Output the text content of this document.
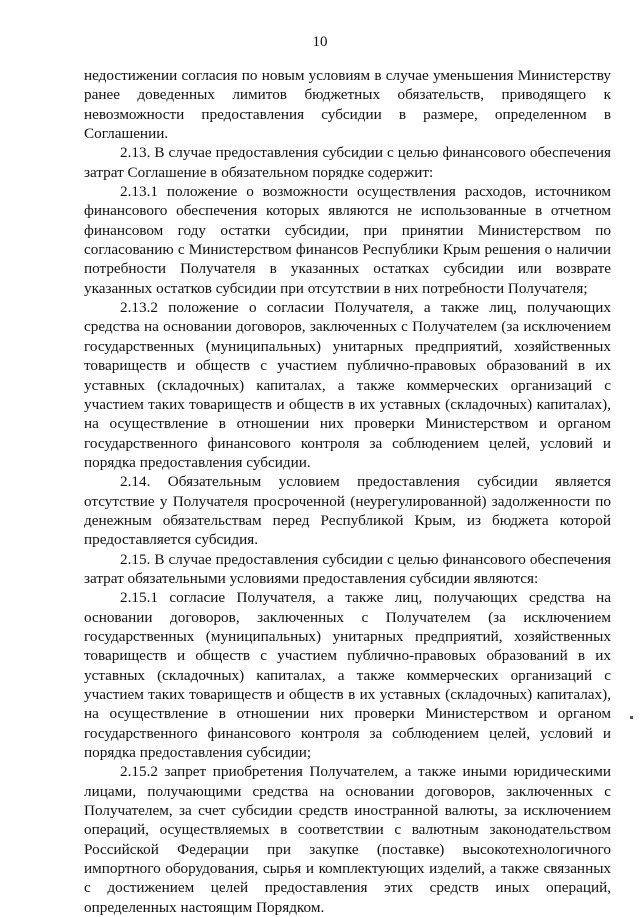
10

недостижении согласия по новым условиям в случае уменьшения Министерству ранее доведенных лимитов бюджетных обязательств, приводящего к невозможности предоставления субсидии в размере, определенном в Соглашении.

2.13. В случае предоставления субсидии с целью финансового обеспечения затрат Соглашение в обязательном порядке содержит:

2.13.1 положение о возможности осуществления расходов, источником финансового обеспечения которых являются не использованные в отчетном финансовом году остатки субсидии, при принятии Министерством по согласованию с Министерством финансов Республики Крым решения о наличии потребности Получателя в указанных остатках субсидии или возврате указанных остатков субсидии при отсутствии в них потребности Получателя;

2.13.2 положение о согласии Получателя, а также лиц, получающих средства на основании договоров, заключенных с Получателем (за исключением государственных (муниципальных) унитарных предприятий, хозяйственных товариществ и обществ с участием публично-правовых образований в их уставных (складочных) капиталах, а также коммерческих организаций с участием таких товариществ и обществ в их уставных (складочных) капиталах), на осуществление в отношении них проверки Министерством и органом государственного финансового контроля за соблюдением целей, условий и порядка предоставления субсидии.

2.14. Обязательным условием предоставления субсидии является отсутствие у Получателя просроченной (неурегулированной) задолженности по денежным обязательствам перед Республикой Крым, из бюджета которой предоставляется субсидия.

2.15. В случае предоставления субсидии с целью финансового обеспечения затрат обязательными условиями предоставления субсидии являются:

2.15.1 согласие Получателя, а также лиц, получающих средства на основании договоров, заключенных с Получателем (за исключением государственных (муниципальных) унитарных предприятий, хозяйственных товариществ и обществ с участием публично-правовых образований в их уставных (складочных) капиталах, а также коммерческих организаций с участием таких товариществ и обществ в их уставных (складочных) капиталах), на осуществление в отношении них проверки Министерством и органом государственного финансового контроля за соблюдением целей, условий и порядка предоставления субсидии;

2.15.2 запрет приобретения Получателем, а также иными юридическими лицами, получающими средства на основании договоров, заключенных с Получателем, за счет субсидии средств иностранной валюты, за исключением операций, осуществляемых в соответствии с валютным законодательством Российской Федерации при закупке (поставке) высокотехнологичного импортного оборудования, сырья и комплектующих изделий, а также связанных с достижением целей предоставления этих средств иных операций, определенных настоящим Порядком.
